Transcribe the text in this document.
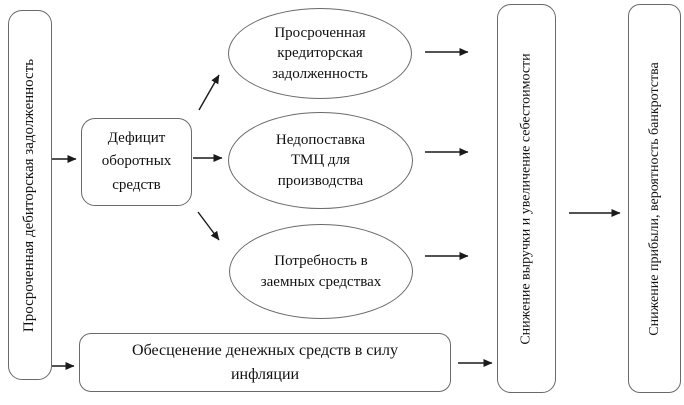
Просроченная дебиторская задолженность	Дефицит оборотных средств
Просроченная кредиторская задолженность
Недопоставка ТМЦ для производства
Потребность в заемных средствах
Обесценение денежных средств в силу инфляции
Снижение выручки и увеличение себестоимости	Снижение прибыли, вероятность банкротства
